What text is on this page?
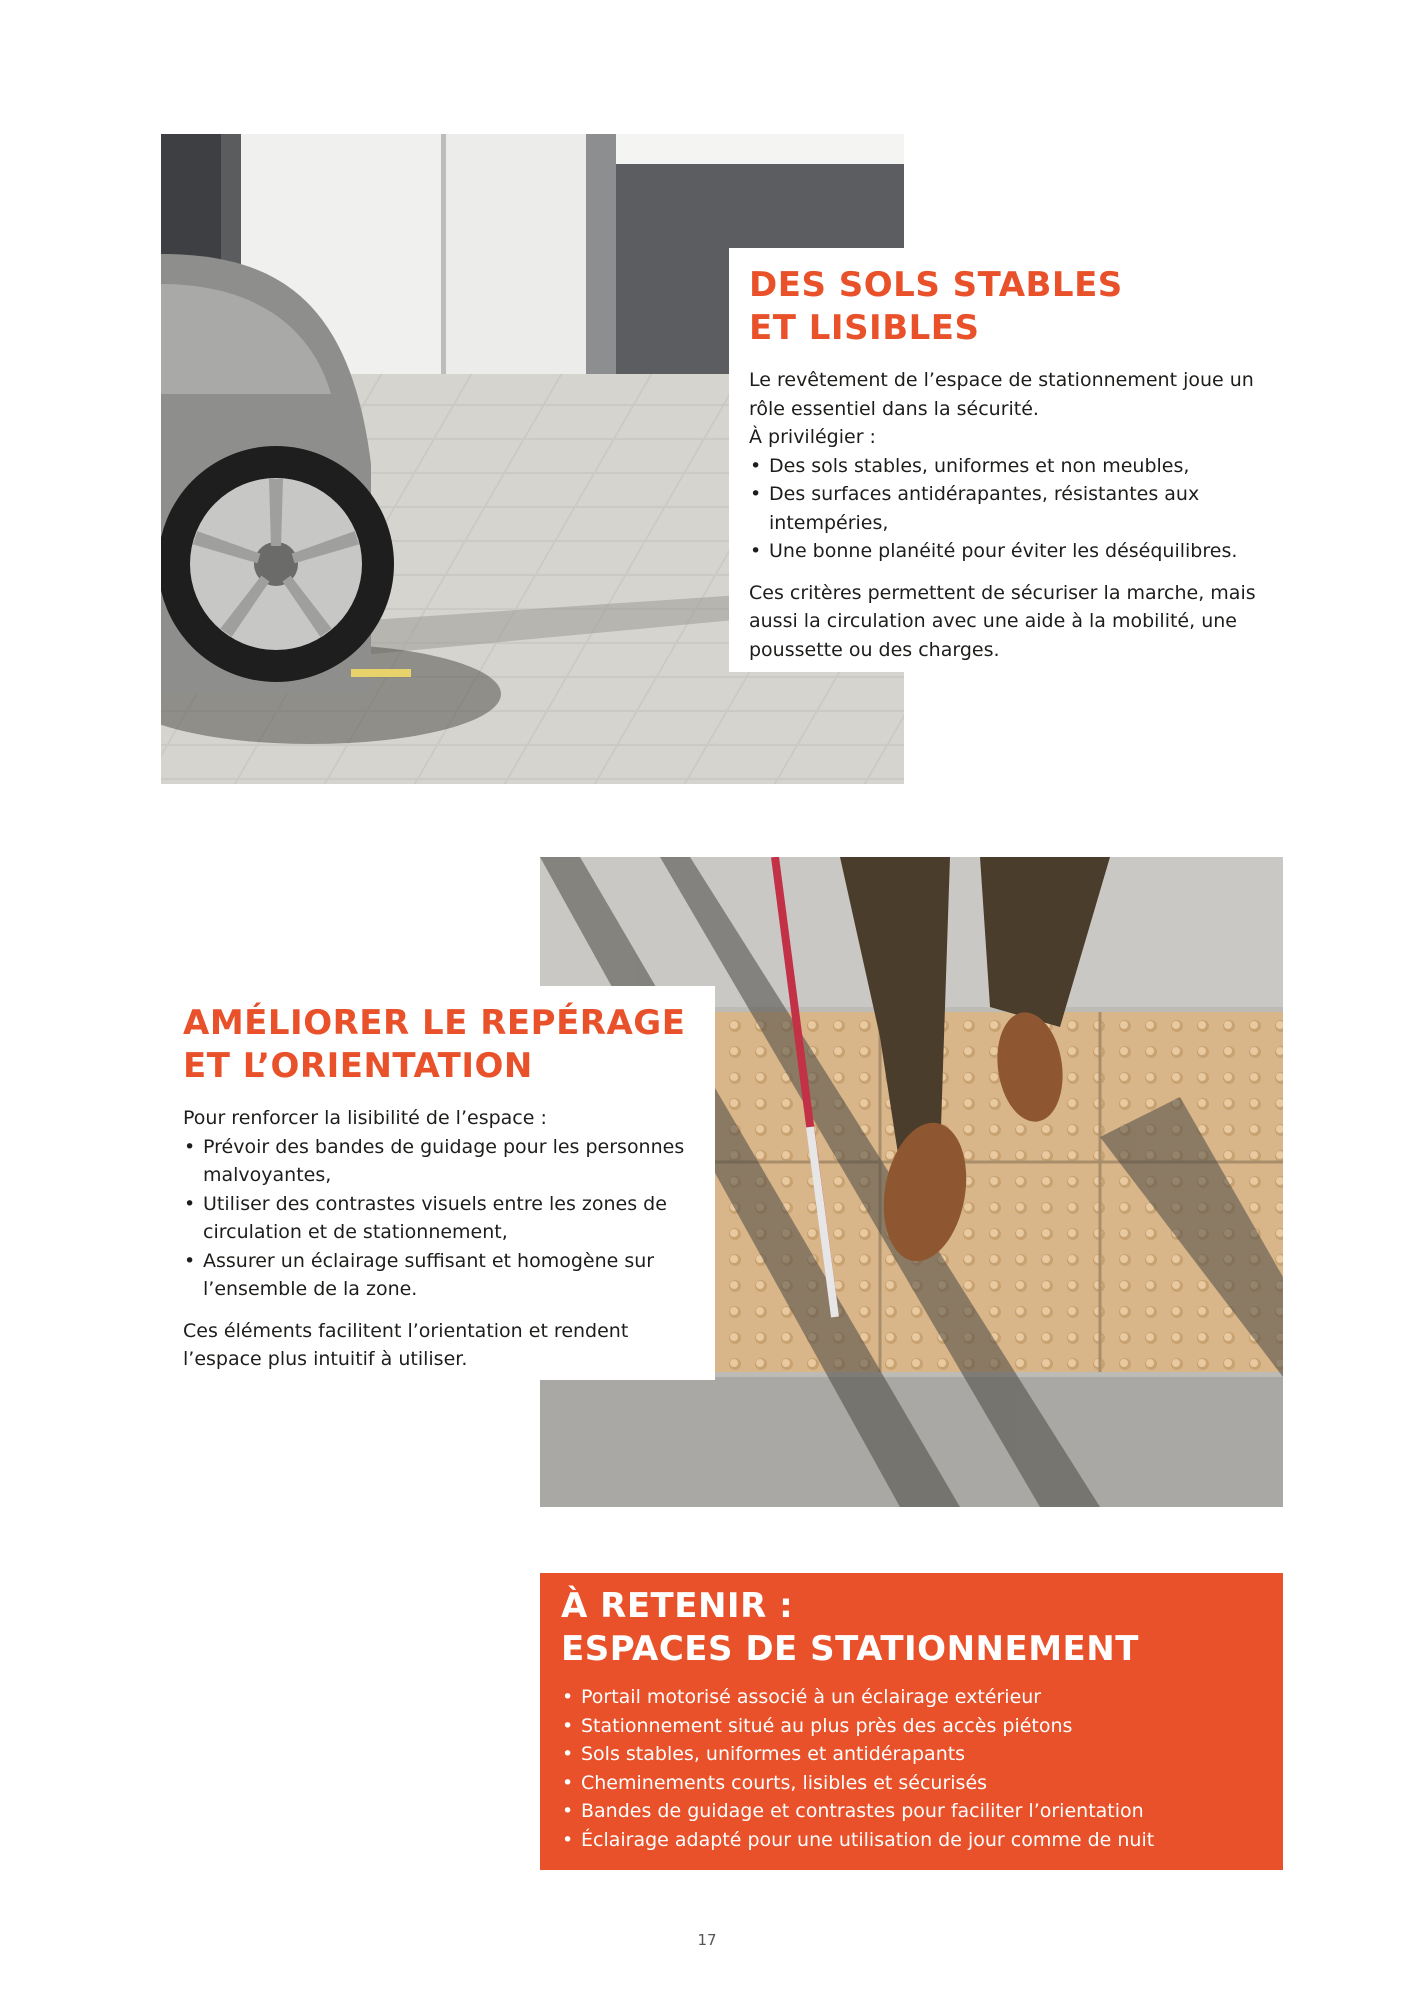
DES SOLS STABLES
ET LISIBLES

Le revêtement de l’espace de stationnement joue un rôle essentiel dans la sécurité.

À privilégier :

• Des sols stables, uniformes et non meubles,
• Des surfaces antidérapantes, résistantes aux intempéries,
• Une bonne planéité pour éviter les déséquilibres.

Ces critères permettent de sécuriser la marche, mais aussi la circulation avec une aide à la mobilité, une poussette ou des charges.

AMÉLIORER LE REPÉRAGE
ET L’ORIENTATION

Pour renforcer la lisibilité de l’espace :

• Prévoir des bandes de guidage pour les personnes malvoyantes,
• Utiliser des contrastes visuels entre les zones de circulation et de stationnement,
• Assurer un éclairage suffisant et homogène sur l’ensemble de la zone.

Ces éléments facilitent l’orientation et rendent l’espace plus intuitif à utiliser.

À RETENIR :
ESPACES DE STATIONNEMENT
• Portail motorisé associé à un éclairage extérieur
• Stationnement situé au plus près des accès piétons
• Sols stables, uniformes et antidérapants
• Cheminements courts, lisibles et sécurisés
• Bandes de guidage et contrastes pour faciliter l’orientation
• Éclairage adapté pour une utilisation de jour comme de nuit
17
